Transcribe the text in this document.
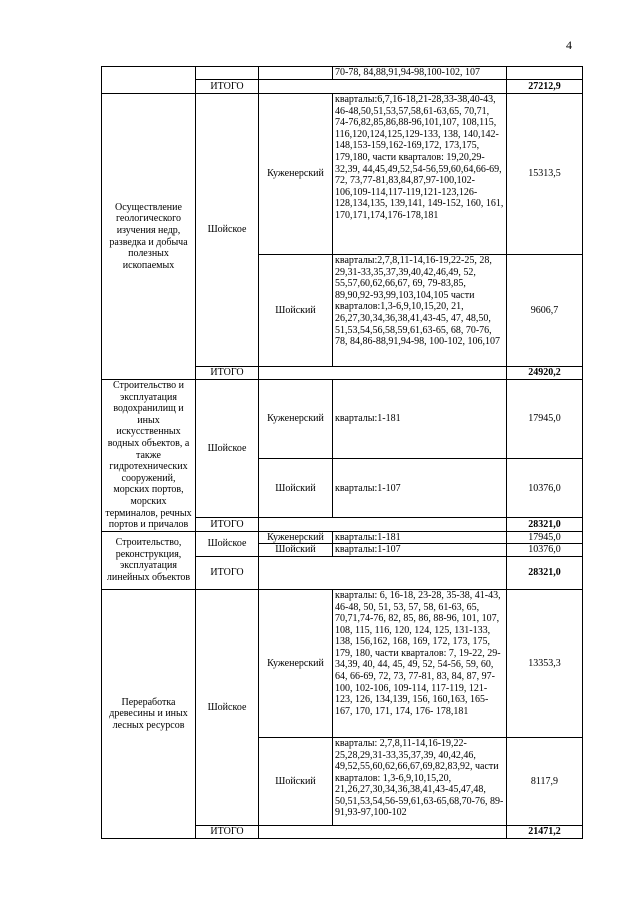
4
			70-78, 84,88,91,94-98,100-102, 107	
	ИТОГО			27212,9
Осуществление геологического изучения недр, разведка и добыча полезных ископаемых	Шойское	Куженерский	кварталы:6,7,16-18,21-28,33-38,40-43, 46-48,50,51,53,57,58,61-63,65, 70,71, 74-76,82,85,86,88-96,101,107, 108,115, 116,120,124,125,129-133, 138, 140,142-148,153-159,162-169,172, 173,175, 179,180, части кварталов: 19,20,29-32,39, 44,45,49,52,54-56,59,60,64,66-69, 72, 73,77-81,83,84,87,97-100,102-106,109-114,117-119,121-123,126-128,134,135, 139,141, 149-152, 160, 161, 170,171,174,176-178,181	15313,5
		Шойский	кварталы:2,7,8,11-14,16-19,22-25, 28, 29,31-33,35,37,39,40,42,46,49, 52, 55,57,60,62,66,67, 69, 79-83,85, 89,90,92-93,99,103,104,105 части кварталов:1,3-6,9,10,15,20, 21, 26,27,30,34,36,38,41,43-45, 47, 48,50, 51,53,54,56,58,59,61,63-65, 68, 70-76, 78, 84,86-88,91,94-98, 100-102, 106,107	9606,7
	ИТОГО			24920,2
Строительство и эксплуатация водохранилищ и иных искусственных водных объектов, а также гидротехнических сооружений, морских портов, морских терминалов, речных портов и причалов	Шойское	Куженерский	кварталы:1-181	17945,0
		Шойский	кварталы:1-107	10376,0
	ИТОГО			28321,0
Строительство, реконструкция, эксплуатация линейных объектов	Шойское	Куженерский	кварталы:1-181	17945,0
		Шойский	кварталы:1-107	10376,0
	ИТОГО			28321,0
Переработка древесины и иных лесных ресурсов	Шойское	Куженерский	кварталы: 6, 16-18, 23-28, 35-38, 41-43, 46-48, 50, 51, 53, 57, 58, 61-63, 65, 70,71,74-76, 82, 85, 86, 88-96, 101, 107, 108, 115, 116, 120, 124, 125, 131-133, 138, 156,162, 168, 169, 172, 173, 175, 179, 180, части кварталов: 7, 19-22, 29-34,39, 40, 44, 45, 49, 52, 54-56, 59, 60, 64, 66-69, 72, 73, 77-81, 83, 84, 87, 97-100, 102-106, 109-114, 117-119, 121-123, 126, 134,139, 156, 160,163, 165-167, 170, 171, 174, 176- 178,181	13353,3
		Шойский	кварталы: 2,7,8,11-14,16-19,22-25,28,29,31-33,35,37,39, 40,42,46, 49,52,55,60,62,66,67,69,82,83,92, части кварталов: 1,3-6,9,10,15,20, 21,26,27,30,34,36,38,41,43-45,47,48, 50,51,53,54,56-59,61,63-65,68,70-76, 89-91,93-97,100-102	8117,9
	ИТОГО			21471,2
